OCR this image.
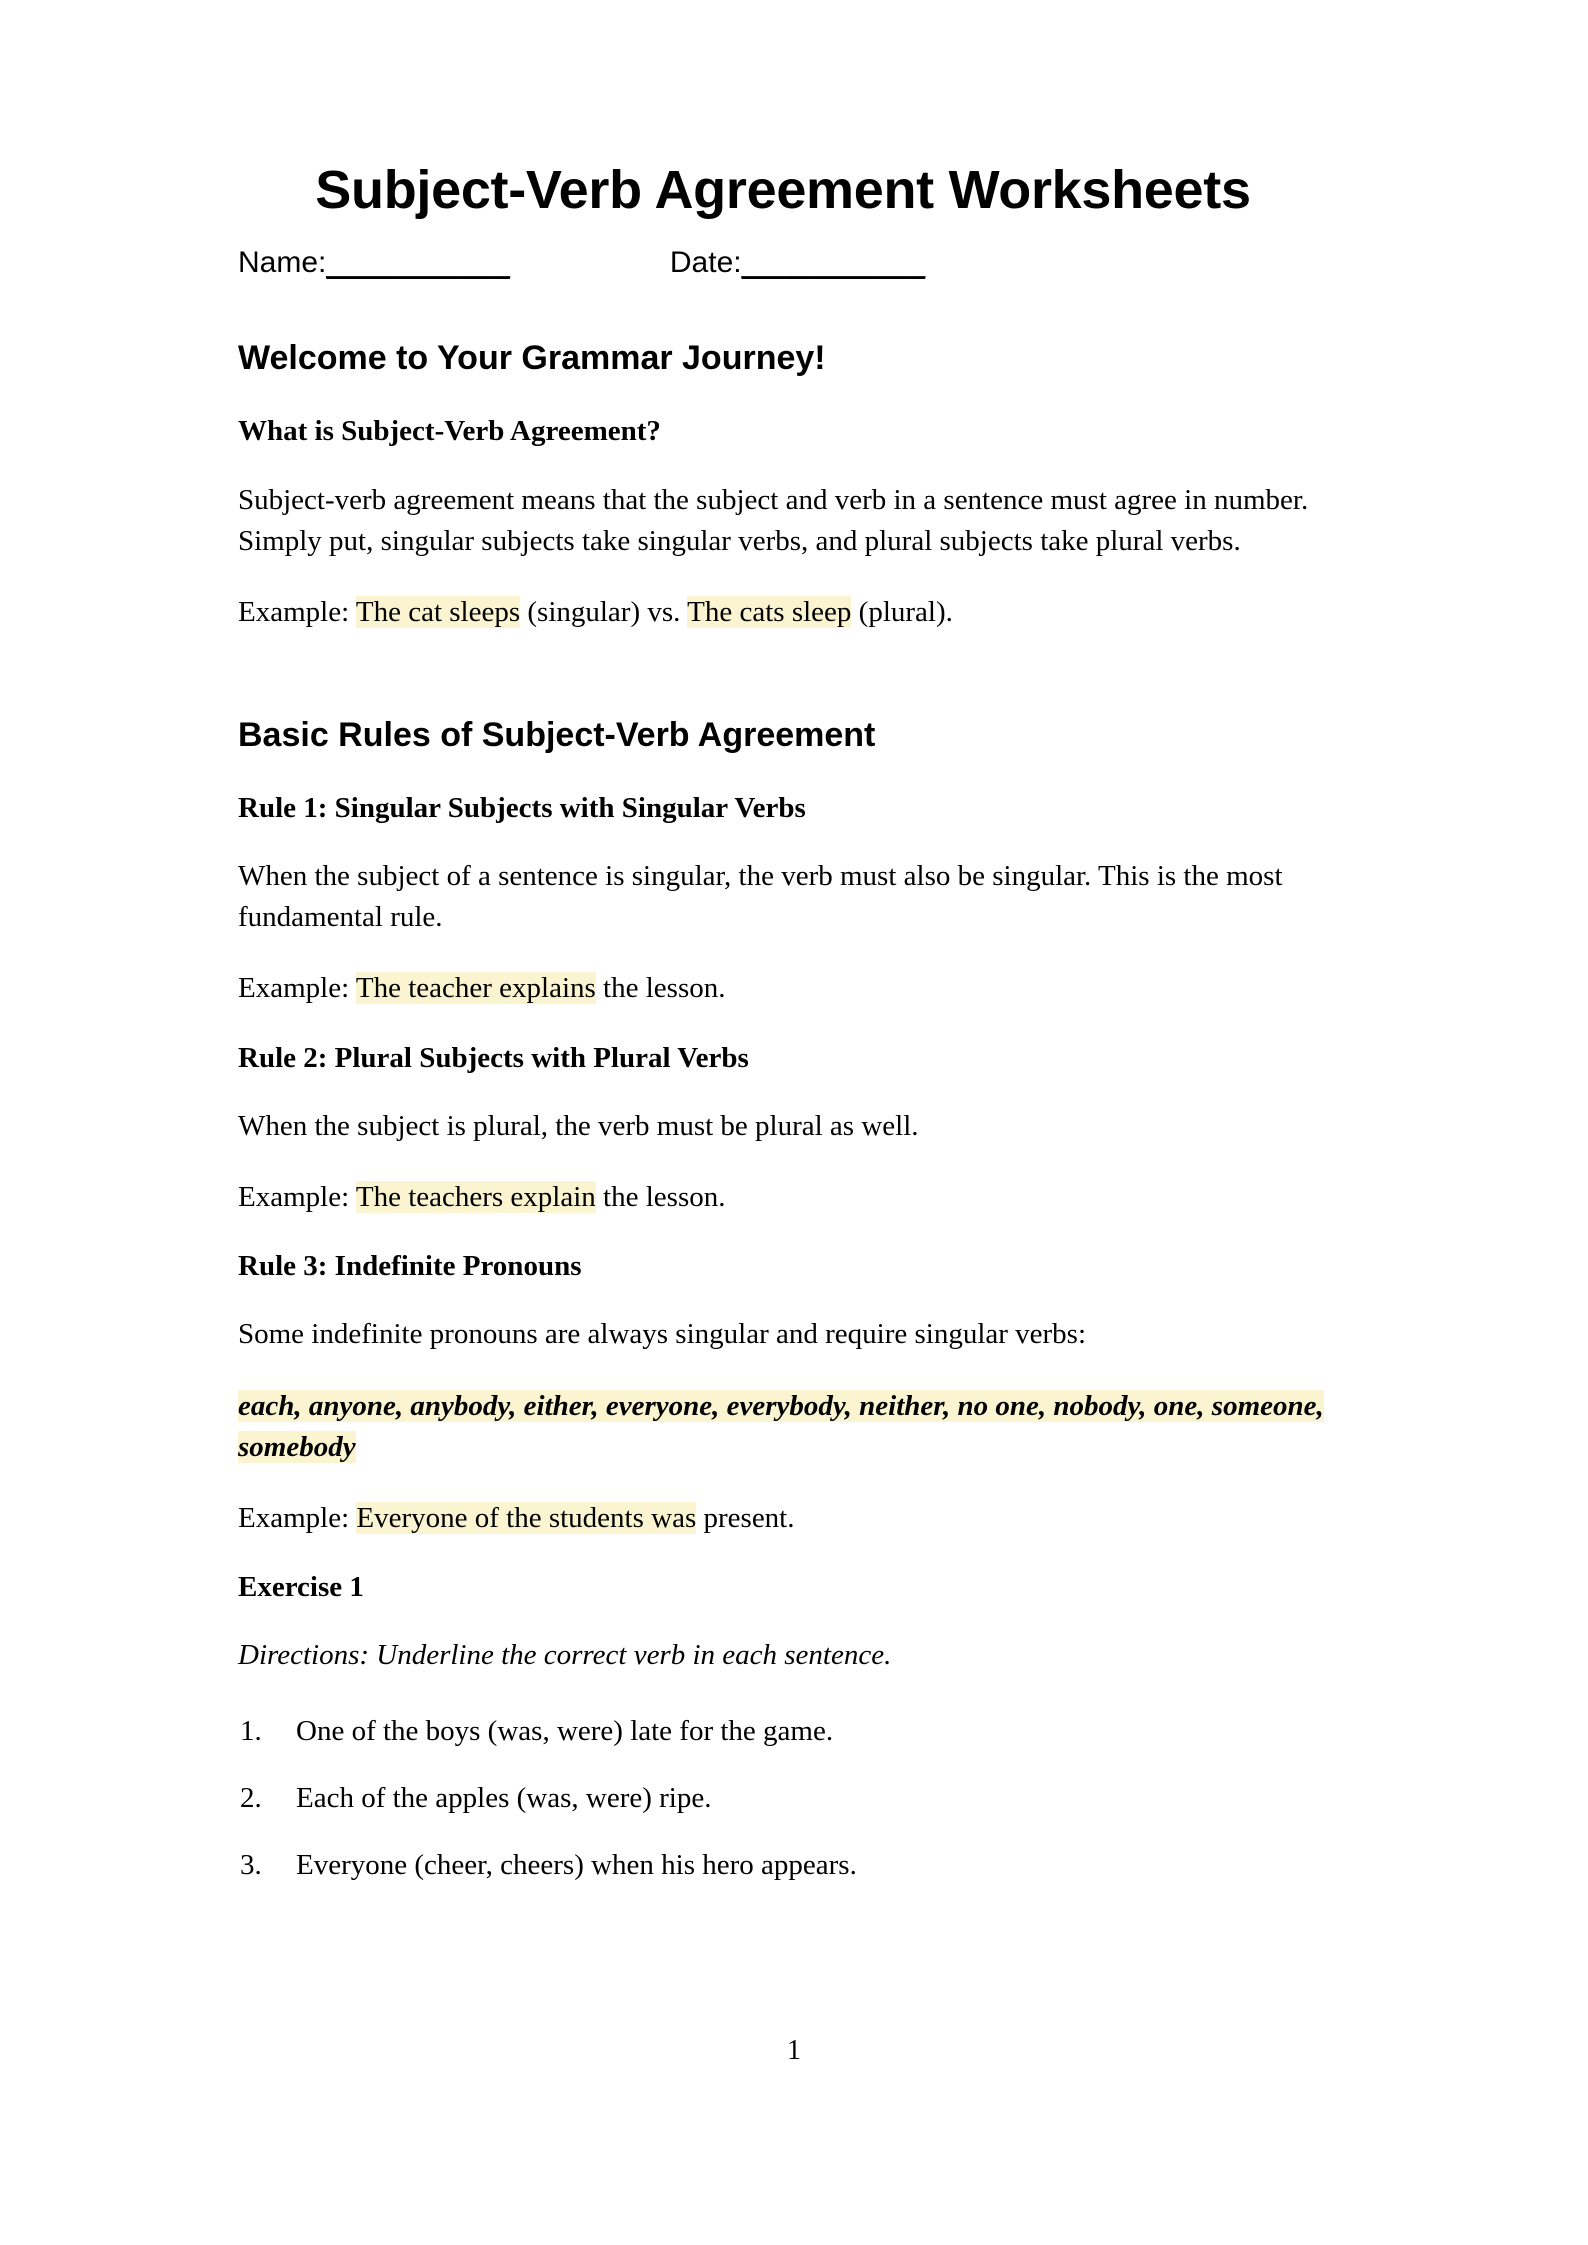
Subject-Verb Agreement Worksheets
Name:___________	Date:___________
Welcome to Your Grammar Journey!
What is Subject-Verb Agreement?

Subject-verb agreement means that the subject and verb in a sentence must agree in number. Simply put, singular subjects take singular verbs, and plural subjects take plural verbs.

Example: The cat sleeps (singular) vs. The cats sleep (plural).

Basic Rules of Subject-Verb Agreement
Rule 1: Singular Subjects with Singular Verbs

When the subject of a sentence is singular, the verb must also be singular. This is the most fundamental rule.

Example: The teacher explains the lesson.

Rule 2: Plural Subjects with Plural Verbs

When the subject is plural, the verb must be plural as well.

Example: The teachers explain the lesson.

Rule 3: Indefinite Pronouns

Some indefinite pronouns are always singular and require singular verbs:

each, anyone, anybody, either, everyone, everybody, neither, no one, nobody, one, someone, somebody

Example: Everyone of the students was present.

Exercise 1

Directions: Underline the correct verb in each sentence.

1. One of the boys (was, were) late for the game.
2. Each of the apples (was, were) ripe.
3. Everyone (cheer, cheers) when his hero appears.
1
